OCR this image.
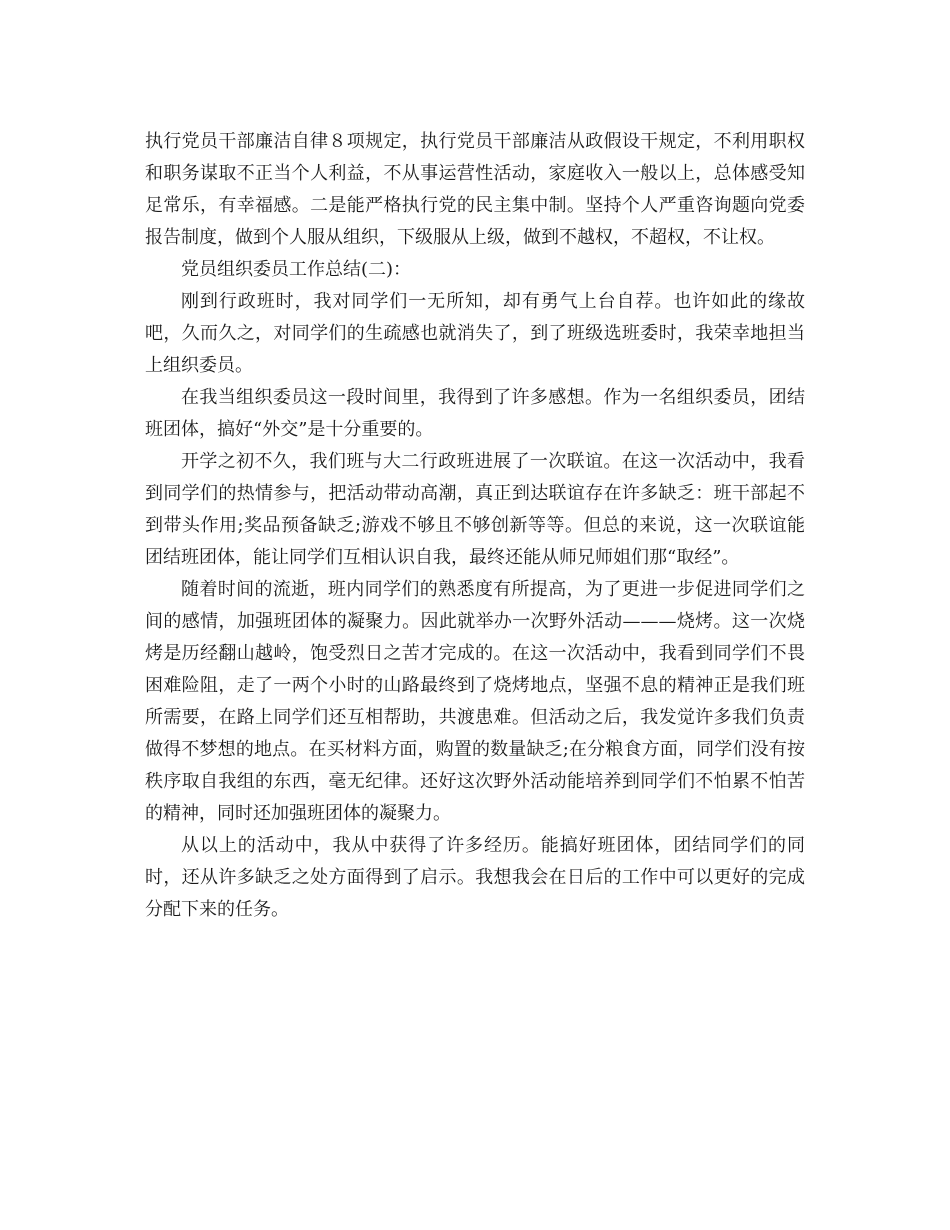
执行党员干部廉洁自律８项规定，执行党员干部廉洁从政假设干规定，不利用职权和职务谋取不正当个人利益，不从事运营性活动，家庭收入一般以上，总体感受知足常乐，有幸福感。二是能严格执行党的民主集中制。坚持个人严重咨询题向党委报告制度，做到个人服从组织，下级服从上级，做到不越权，不超权，不让权。

党员组织委员工作总结(二)：

刚到行政班时，我对同学们一无所知，却有勇气上台自荐。也许如此的缘故吧，久而久之，对同学们的生疏感也就消失了，到了班级选班委时，我荣幸地担当上组织委员。

在我当组织委员这一段时间里，我得到了许多感想。作为一名组织委员，团结班团体，搞好“外交”是十分重要的。

开学之初不久，我们班与大二行政班进展了一次联谊。在这一次活动中，我看到同学们的热情参与，把活动带动高潮，真正到达联谊存在许多缺乏：班干部起不到带头作用;奖品预备缺乏;游戏不够且不够创新等等。但总的来说，这一次联谊能团结班团体，能让同学们互相认识自我，最终还能从师兄师姐们那“取经”。

随着时间的流逝，班内同学们的熟悉度有所提高，为了更进一步促进同学们之间的感情，加强班团体的凝聚力。因此就举办一次野外活动———烧烤。这一次烧烤是历经翻山越岭，饱受烈日之苦才完成的。在这一次活动中，我看到同学们不畏困难险阻，走了一两个小时的山路最终到了烧烤地点，坚强不息的精神正是我们班所需要，在路上同学们还互相帮助，共渡患难。但活动之后，我发觉许多我们负责做得不梦想的地点。在买材料方面，购置的数量缺乏;在分粮食方面，同学们没有按秩序取自我组的东西，毫无纪律。还好这次野外活动能培养到同学们不怕累不怕苦的精神，同时还加强班团体的凝聚力。

从以上的活动中，我从中获得了许多经历。能搞好班团体，团结同学们的同时，还从许多缺乏之处方面得到了启示。我想我会在日后的工作中可以更好的完成分配下来的任务。
